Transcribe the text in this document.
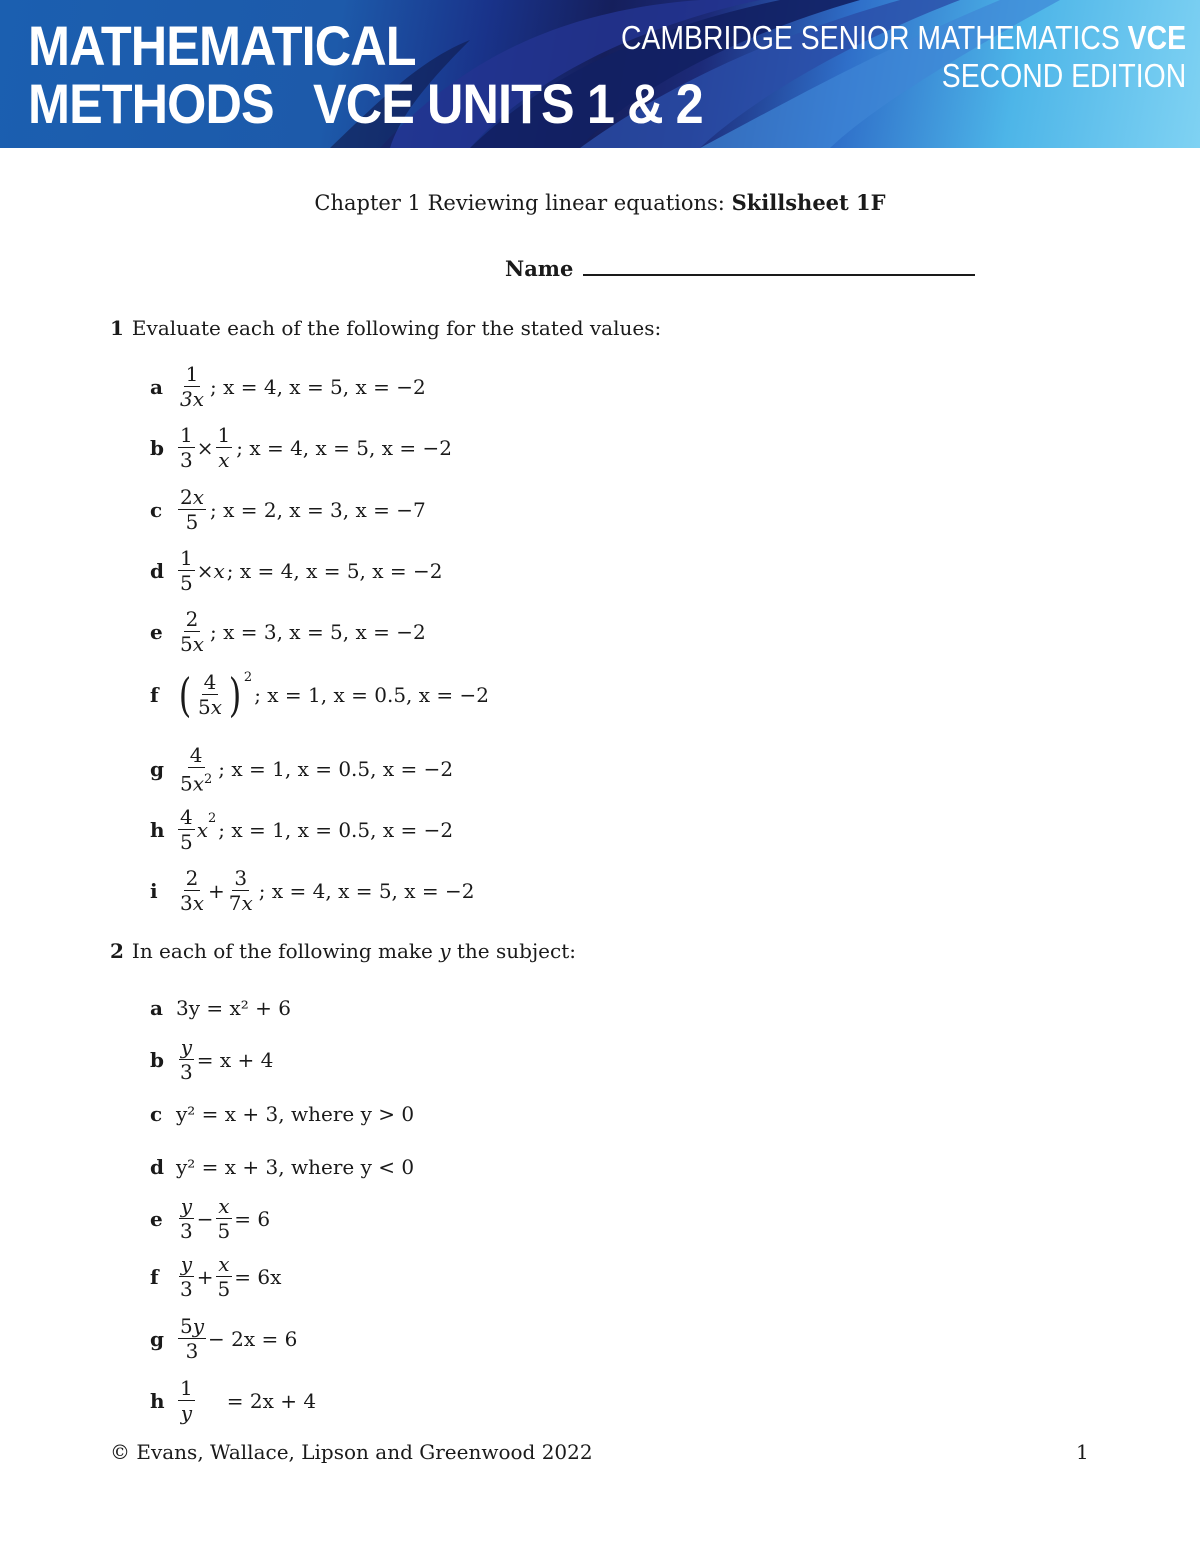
MATHEMATICAL
METHODS   VCE UNITS 1 & 2
CAMBRIDGE SENIOR MATHEMATICS VCE
SECOND EDITION
Chapter 1 Reviewing linear equations: Skillsheet 1F
Name
1 Evaluate each of the following for the stated values:
a $\frac{1}{3x}$ ; x = 4, x = 5, x = −2
b $\frac{1}{3} \times \frac{1}{x}$ ; x = 4, x = 5, x = −2
c $\frac{2x}{5}$ ; x = 2, x = 3, x = −7
d $\frac{1}{5} \times x$ ; x = 4, x = 5, x = −2
e $\frac{2}{5x}$ ; x = 3, x = 5, x = −2
f ( $\frac{4}{5x} )^2$
; x = 1, x = 0.5, x = −2
g $\frac{4}{5x^2}$ ; x = 1, x = 0.5, x = −2
h $\frac{4}{5} x^2$ ; x = 1, x = 0.5, x = −2
i	$\frac{2}{3x} + \frac{3}{7x}$ ; x = 4, x = 5, x = −2
2 In each of the following make y the subject:
a 3y = x² + 6
b $\frac{y}{3} = x + 4$
c y² = x + 3, where y > 0
d y² = x + 3, where y < 0
e $\frac{y}{3} - \frac{x}{5} = 6$
f $\frac{y}{3} + \frac{x}{5} = 6x$
g $\frac{5y}{3} - 2x = 6$
h $\frac{1}{y} = 2x + 4$
© Evans, Wallace, Lipson and Greenwood 2022	1
